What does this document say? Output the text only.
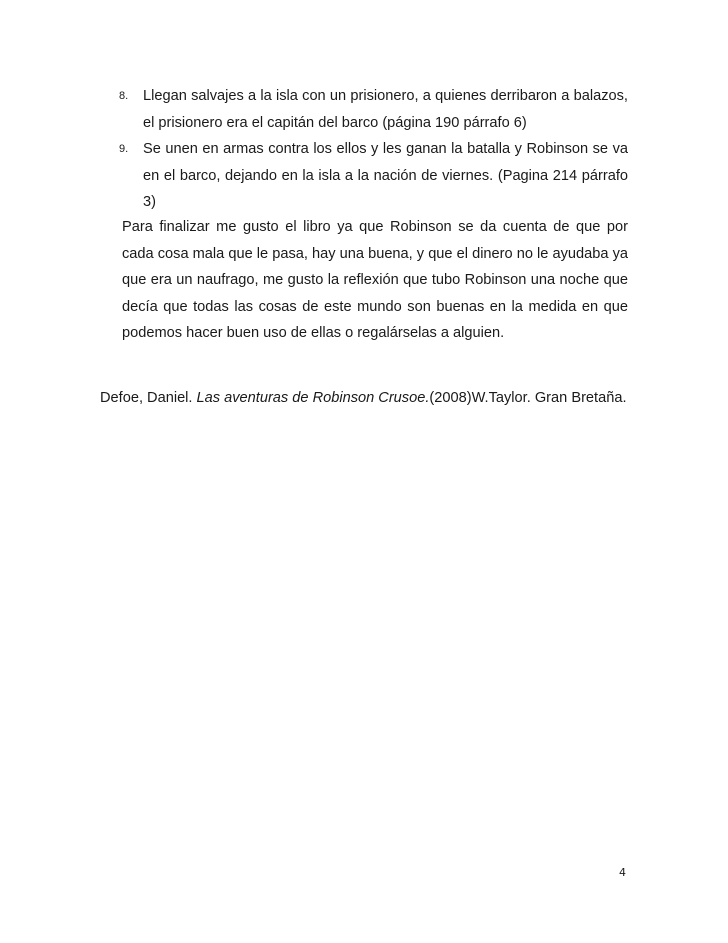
8.	Llegan salvajes a la isla con un prisionero, a quienes derribaron a balazos, el prisionero era el capitán del barco (página 190 párrafo 6)
9.	Se unen en armas contra los ellos y les ganan la batalla y Robinson se va en el barco, dejando en la isla a la nación de viernes. (Pagina 214 párrafo 3)

Para finalizar me gusto el libro ya que Robinson se da cuenta de que por cada cosa mala que le pasa, hay una buena, y que el dinero no le ayudaba ya que era un naufrago, me gusto la reflexión que tubo Robinson una noche que decía que todas las cosas de este mundo son buenas en la medida en que podemos hacer buen uso de ellas o regalárselas a alguien.

Defoe, Daniel. Las aventuras de Robinson Crusoe.(2008)W.Taylor. Gran Bretaña.

4
